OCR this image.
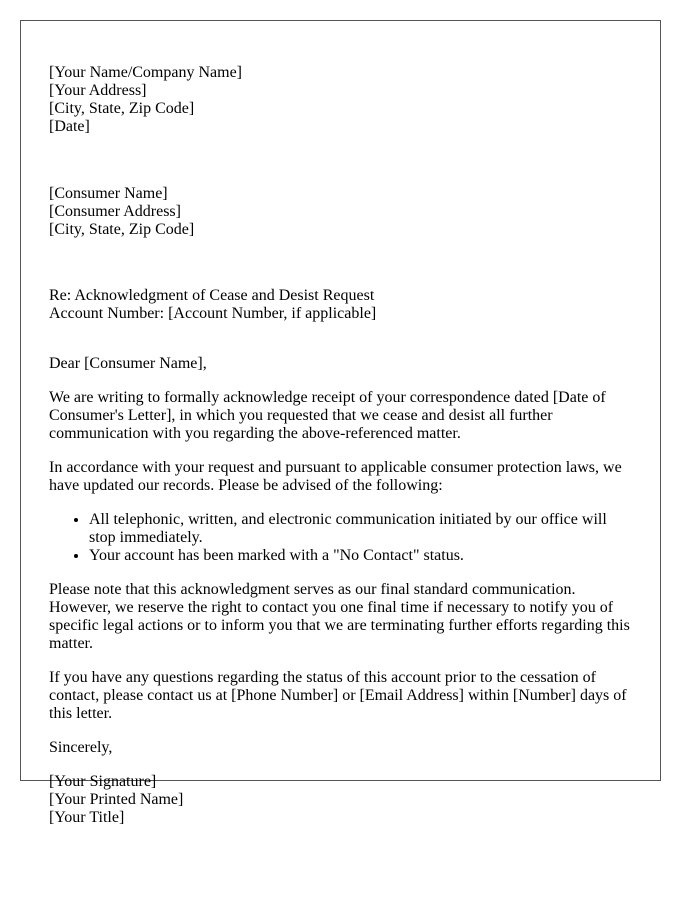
[Your Name/Company Name]
[Your Address]
[City, State, Zip Code]
[Date]

[Consumer Name]
[Consumer Address]
[City, State, Zip Code]

Re: Acknowledgment of Cease and Desist Request
Account Number: [Account Number, if applicable]

Dear [Consumer Name],

We are writing to formally acknowledge receipt of your correspondence dated [Date of Consumer's Letter], in which you requested that we cease and desist all further communication with you regarding the above-referenced matter.

In accordance with your request and pursuant to applicable consumer protection laws, we have updated our records. Please be advised of the following:

• All telephonic, written, and electronic communication initiated by our office will stop immediately.
• Your account has been marked with a "No Contact" status.

Please note that this acknowledgment serves as our final standard communication. However, we reserve the right to contact you one final time if necessary to notify you of specific legal actions or to inform you that we are terminating further efforts regarding this matter.

If you have any questions regarding the status of this account prior to the cessation of contact, please contact us at [Phone Number] or [Email Address] within [Number] days of this letter.

Sincerely,

[Your Signature]
[Your Printed Name]
[Your Title]
